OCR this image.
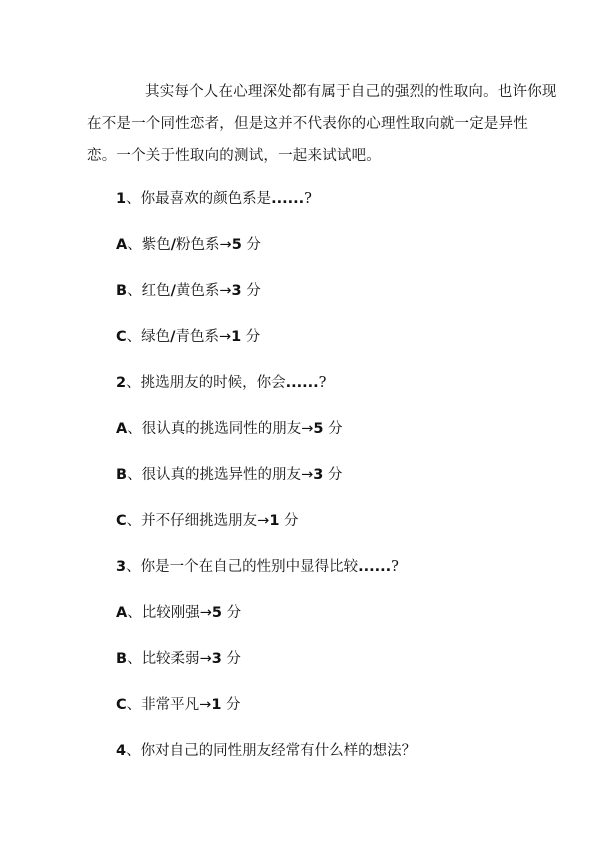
其实每个人在心理深处都有属于自己的强烈的性取向。也许你现
在不是一个同性恋者，但是这并不代表你的心理性取向就一定是异性
恋。一个关于性取向的测试，一起来试试吧。

1、你最喜欢的颜色系是......?

A、紫色/粉色系→5 分

B、红色/黄色系→3 分

C、绿色/青色系→1 分

2、挑选朋友的时候，你会......?

A、很认真的挑选同性的朋友→5 分

B、很认真的挑选异性的朋友→3 分

C、并不仔细挑选朋友→1 分

3、你是一个在自己的性别中显得比较......?

A、比较刚强→5 分

B、比较柔弱→3 分

C、非常平凡→1 分

4、你对自己的同性朋友经常有什么样的想法？
